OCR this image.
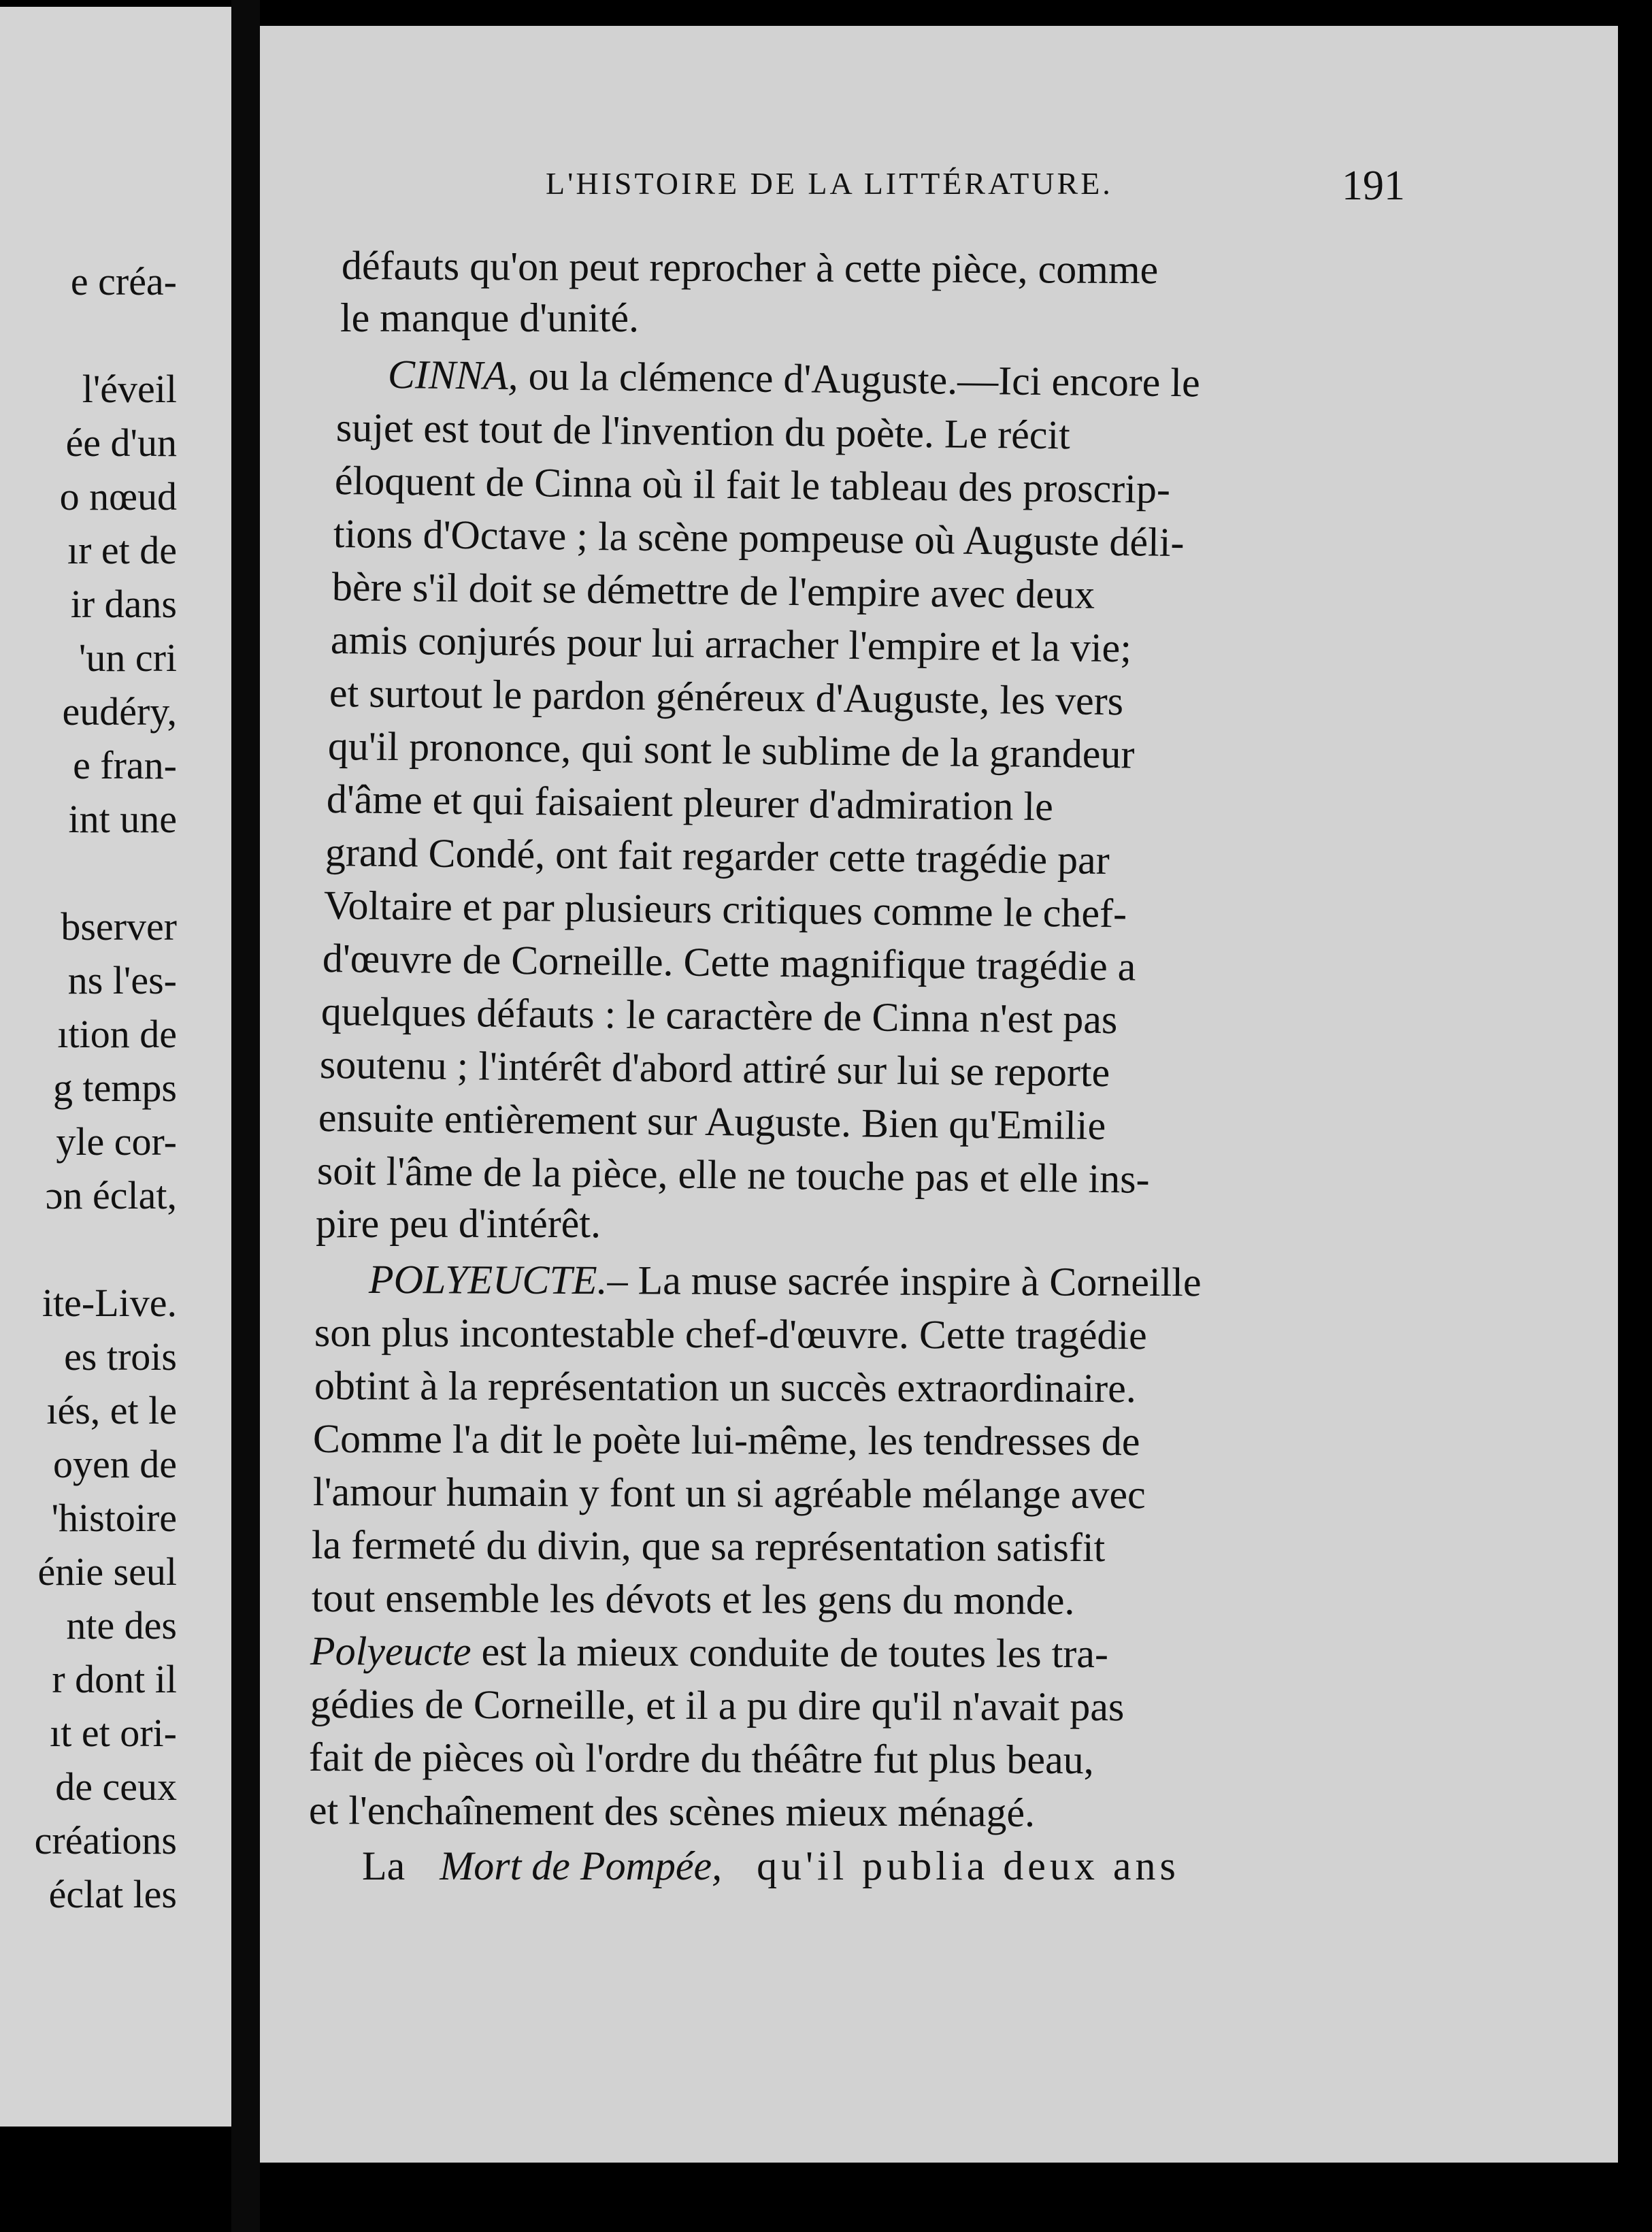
e créa-
l'éveil
ée d'un
o nœud
ır et de
ir dans
'un cri
eudéry,
e fran-
int une
bserver
ns l'es-
ıtion de
g temps
yle cor-
ɔn éclat,
ite-Live.
es trois
ıés, et le
oyen de
'histoire
énie seul
nte des
r dont il
ıt et ori-
de ceux
créations
éclat les
L'HISTOIRE DE LA LITTÉRATURE.	191
défauts qu'on peut reprocher à cette pièce, comme
le manque d'unité.
CINNA, ou la clémence d'Auguste.—Ici encore le
sujet est tout de l'invention du poète. Le récit
éloquent de Cinna où il fait le tableau des proscrip-
tions d'Octave ; la scène pompeuse où Auguste déli-
bère s'il doit se démettre de l'empire avec deux
amis conjurés pour lui arracher l'empire et la vie;
et surtout le pardon généreux d'Auguste, les vers
qu'il prononce, qui sont le sublime de la grandeur
d'âme et qui faisaient pleurer d'admiration le
grand Condé, ont fait regarder cette tragédie par
Voltaire et par plusieurs critiques comme le chef-
d'œuvre de Corneille. Cette magnifique tragédie a
quelques défauts : le caractère de Cinna n'est pas
soutenu ; l'intérêt d'abord attiré sur lui se reporte
ensuite entièrement sur Auguste. Bien qu'Emilie
soit l'âme de la pièce, elle ne touche pas et elle ins-
pire peu d'intérêt.
POLYEUCTE.– La muse sacrée inspire à Corneille
son plus incontestable chef-d'œuvre. Cette tragédie
obtint à la représentation un succès extraordinaire.
Comme l'a dit le poète lui-même, les tendresses de
l'amour humain y font un si agréable mélange avec
la fermeté du divin, que sa représentation satisfit
tout ensemble les dévots et les gens du monde.
Polyeucte est la mieux conduite de toutes les tra-
gédies de Corneille, et il a pu dire qu'il n'avait pas
fait de pièces où l'ordre du théâtre fut plus beau,
et l'enchaînement des scènes mieux ménagé.
La Mort de Pompée, qu'il publia deux ans
